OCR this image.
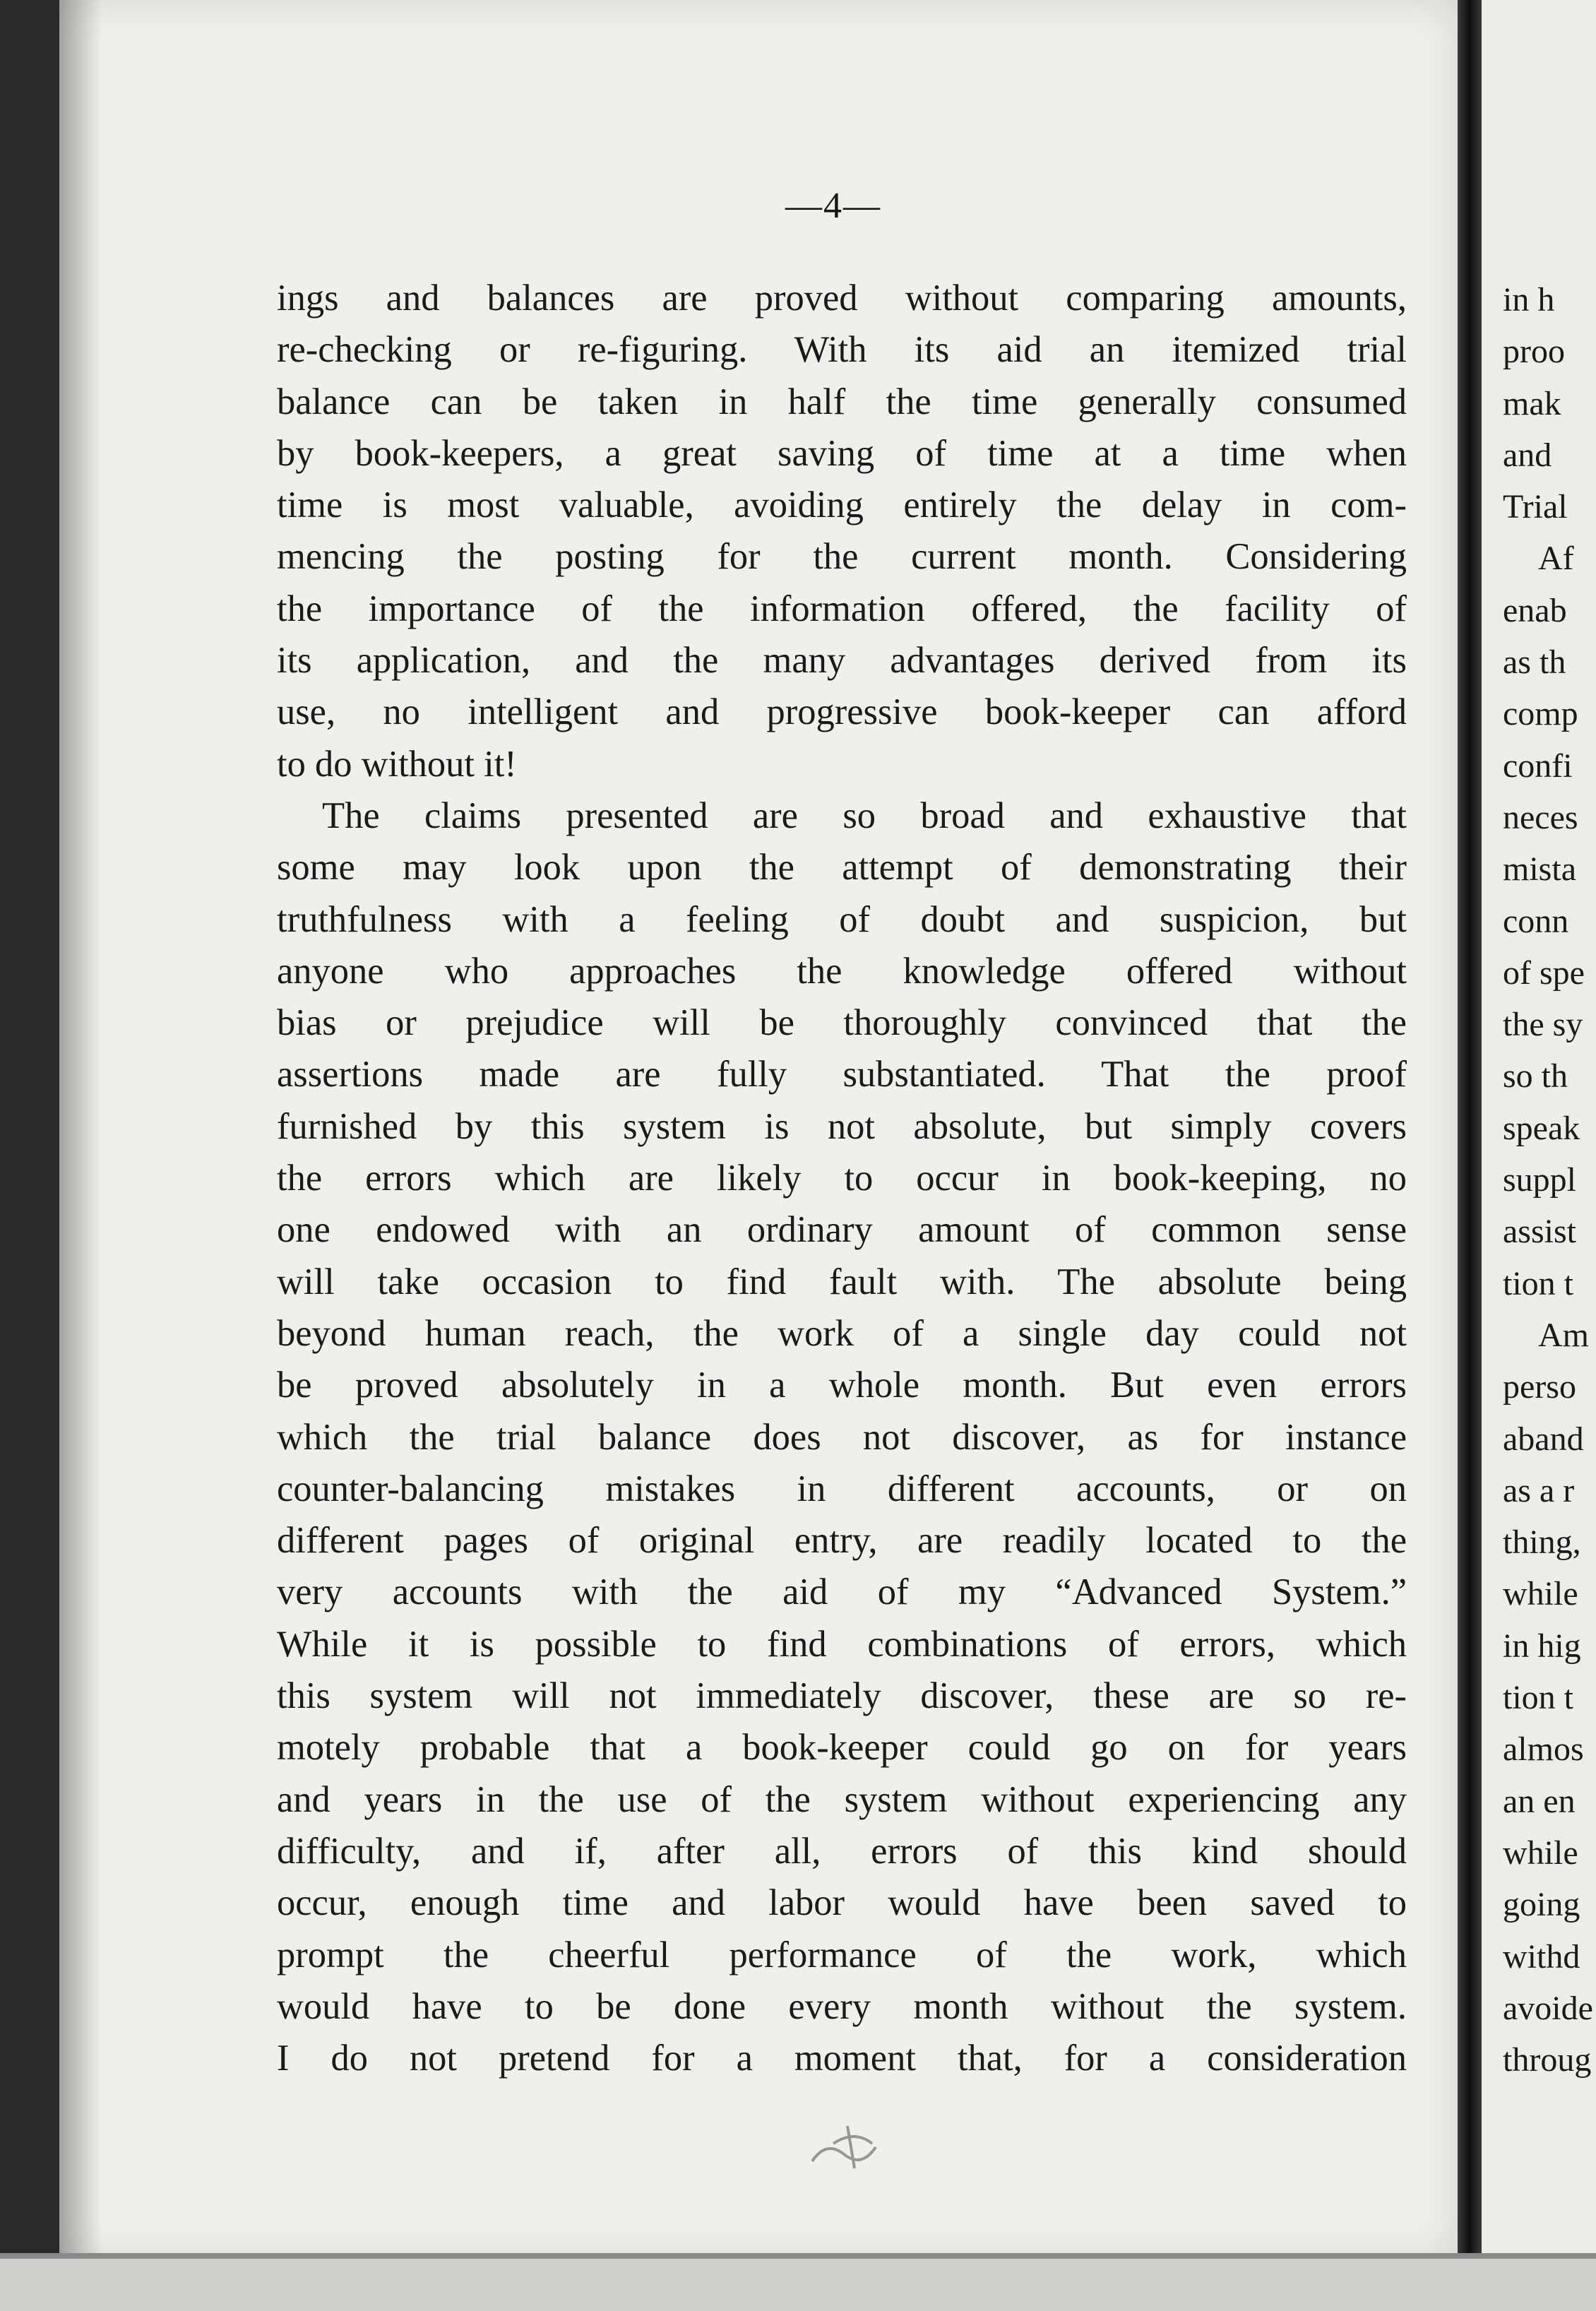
—4—
ings and balances are proved without comparing amounts,
re-checking or re-figuring. With its aid an itemized trial
balance can be taken in half the time generally consumed
by book-keepers, a great saving of time at a time when
time is most valuable, avoiding entirely the delay in com-
mencing the posting for the current month. Considering
the importance of the information offered, the facility of
its application, and the many advantages derived from its
use, no intelligent and progressive book-keeper can afford
to do without it!
The claims presented are so broad and exhaustive that
some may look upon the attempt of demonstrating their
truthfulness with a feeling of doubt and suspicion, but
anyone who approaches the knowledge offered without
bias or prejudice will be thoroughly convinced that the
assertions made are fully substantiated. That the proof
furnished by this system is not absolute, but simply covers
the errors which are likely to occur in book-keeping, no
one endowed with an ordinary amount of common sense
will take occasion to find fault with. The absolute being
beyond human reach, the work of a single day could not
be proved absolutely in a whole month. But even errors
which the trial balance does not discover, as for instance
counter-balancing mistakes in different accounts, or on
different pages of original entry, are readily located to the
very accounts with the aid of my “Advanced System.”
While it is possible to find combinations of errors, which
this system will not immediately discover, these are so re-
motely probable that a book-keeper could go on for years
and years in the use of the system without experiencing any
difficulty, and if, after all, errors of this kind should
occur, enough time and labor would have been saved to
prompt the cheerful performance of the work, which
would have to be done every month without the system.
I do not pretend for a moment that, for a consideration
in h
proo
mak
and
Trial
Af
enab
as th
comp
confi
neces
mista
conn
of spe
the sy
so th
speak
suppl
assist
tion t
Am
perso
aband
as a r
thing,
while
in hig
tion t
almos
an en
while
going
withd
avoide
throug
